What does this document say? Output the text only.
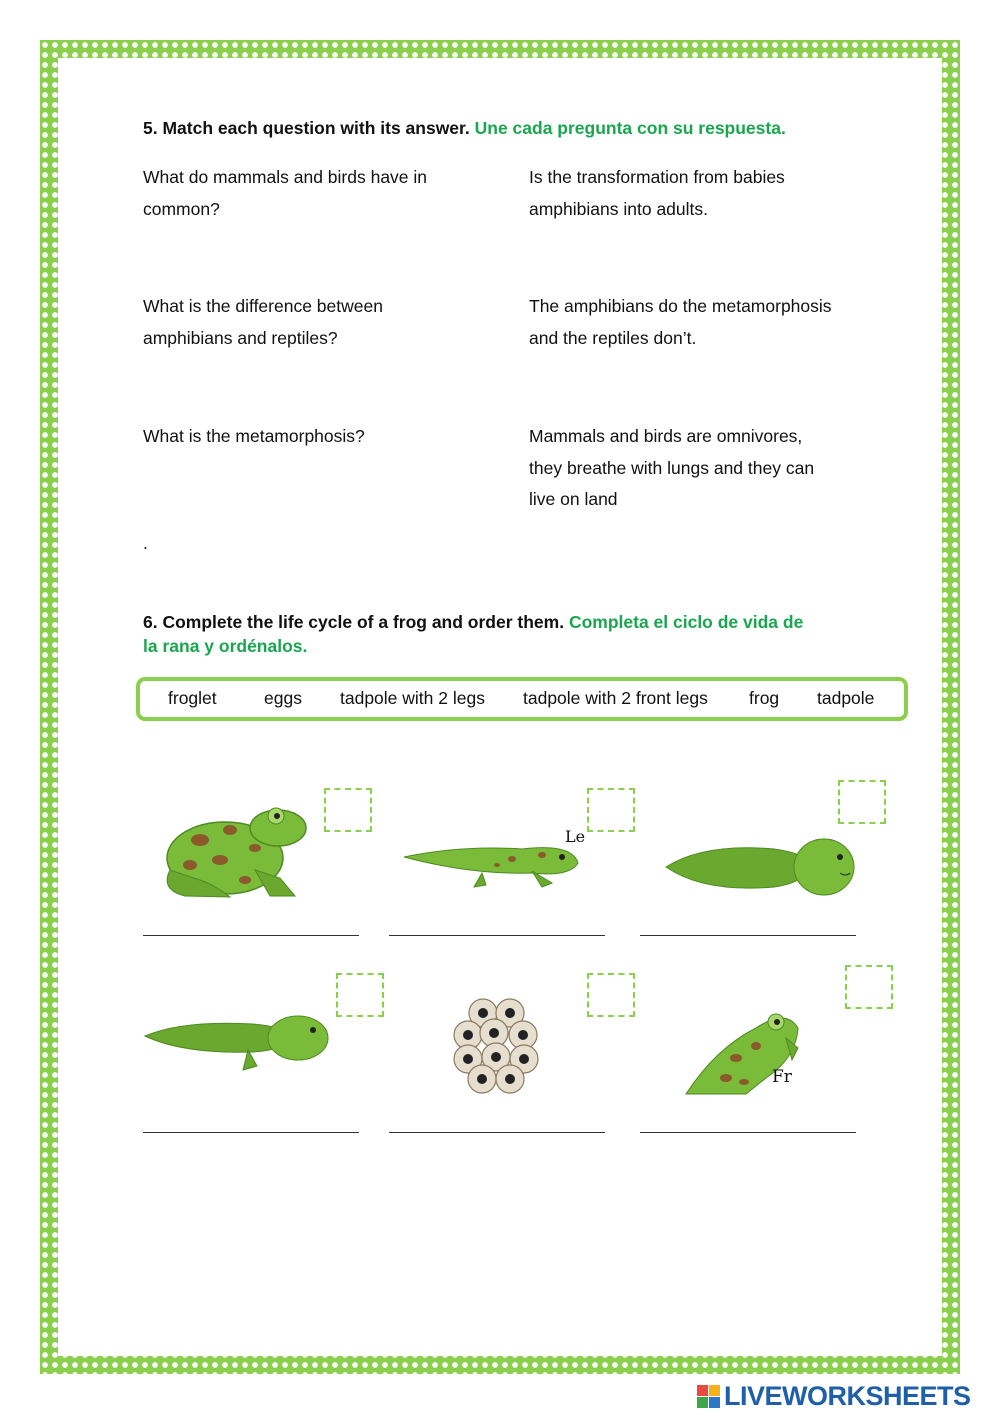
5. Match each question with its answer. Une cada pregunta con su respuesta.
What do mammals and birds have in
common?
What is the difference between
amphibians and reptiles?
What is the metamorphosis?
Is the transformation from babies
amphibians into adults.
The amphibians do the metamorphosis
and the reptiles don’t.
Mammals and birds are omnivores,
they breathe with lungs and they can
live on land
.
6. Complete the life cycle of a frog and order them. Completa el ciclo de vida de
la rana y ordénalos.
froglet	eggs tadpole with 2 legs tadpole with 2 front legs frog tadpole
Le
Fr
LIVEWORKSHEETS
